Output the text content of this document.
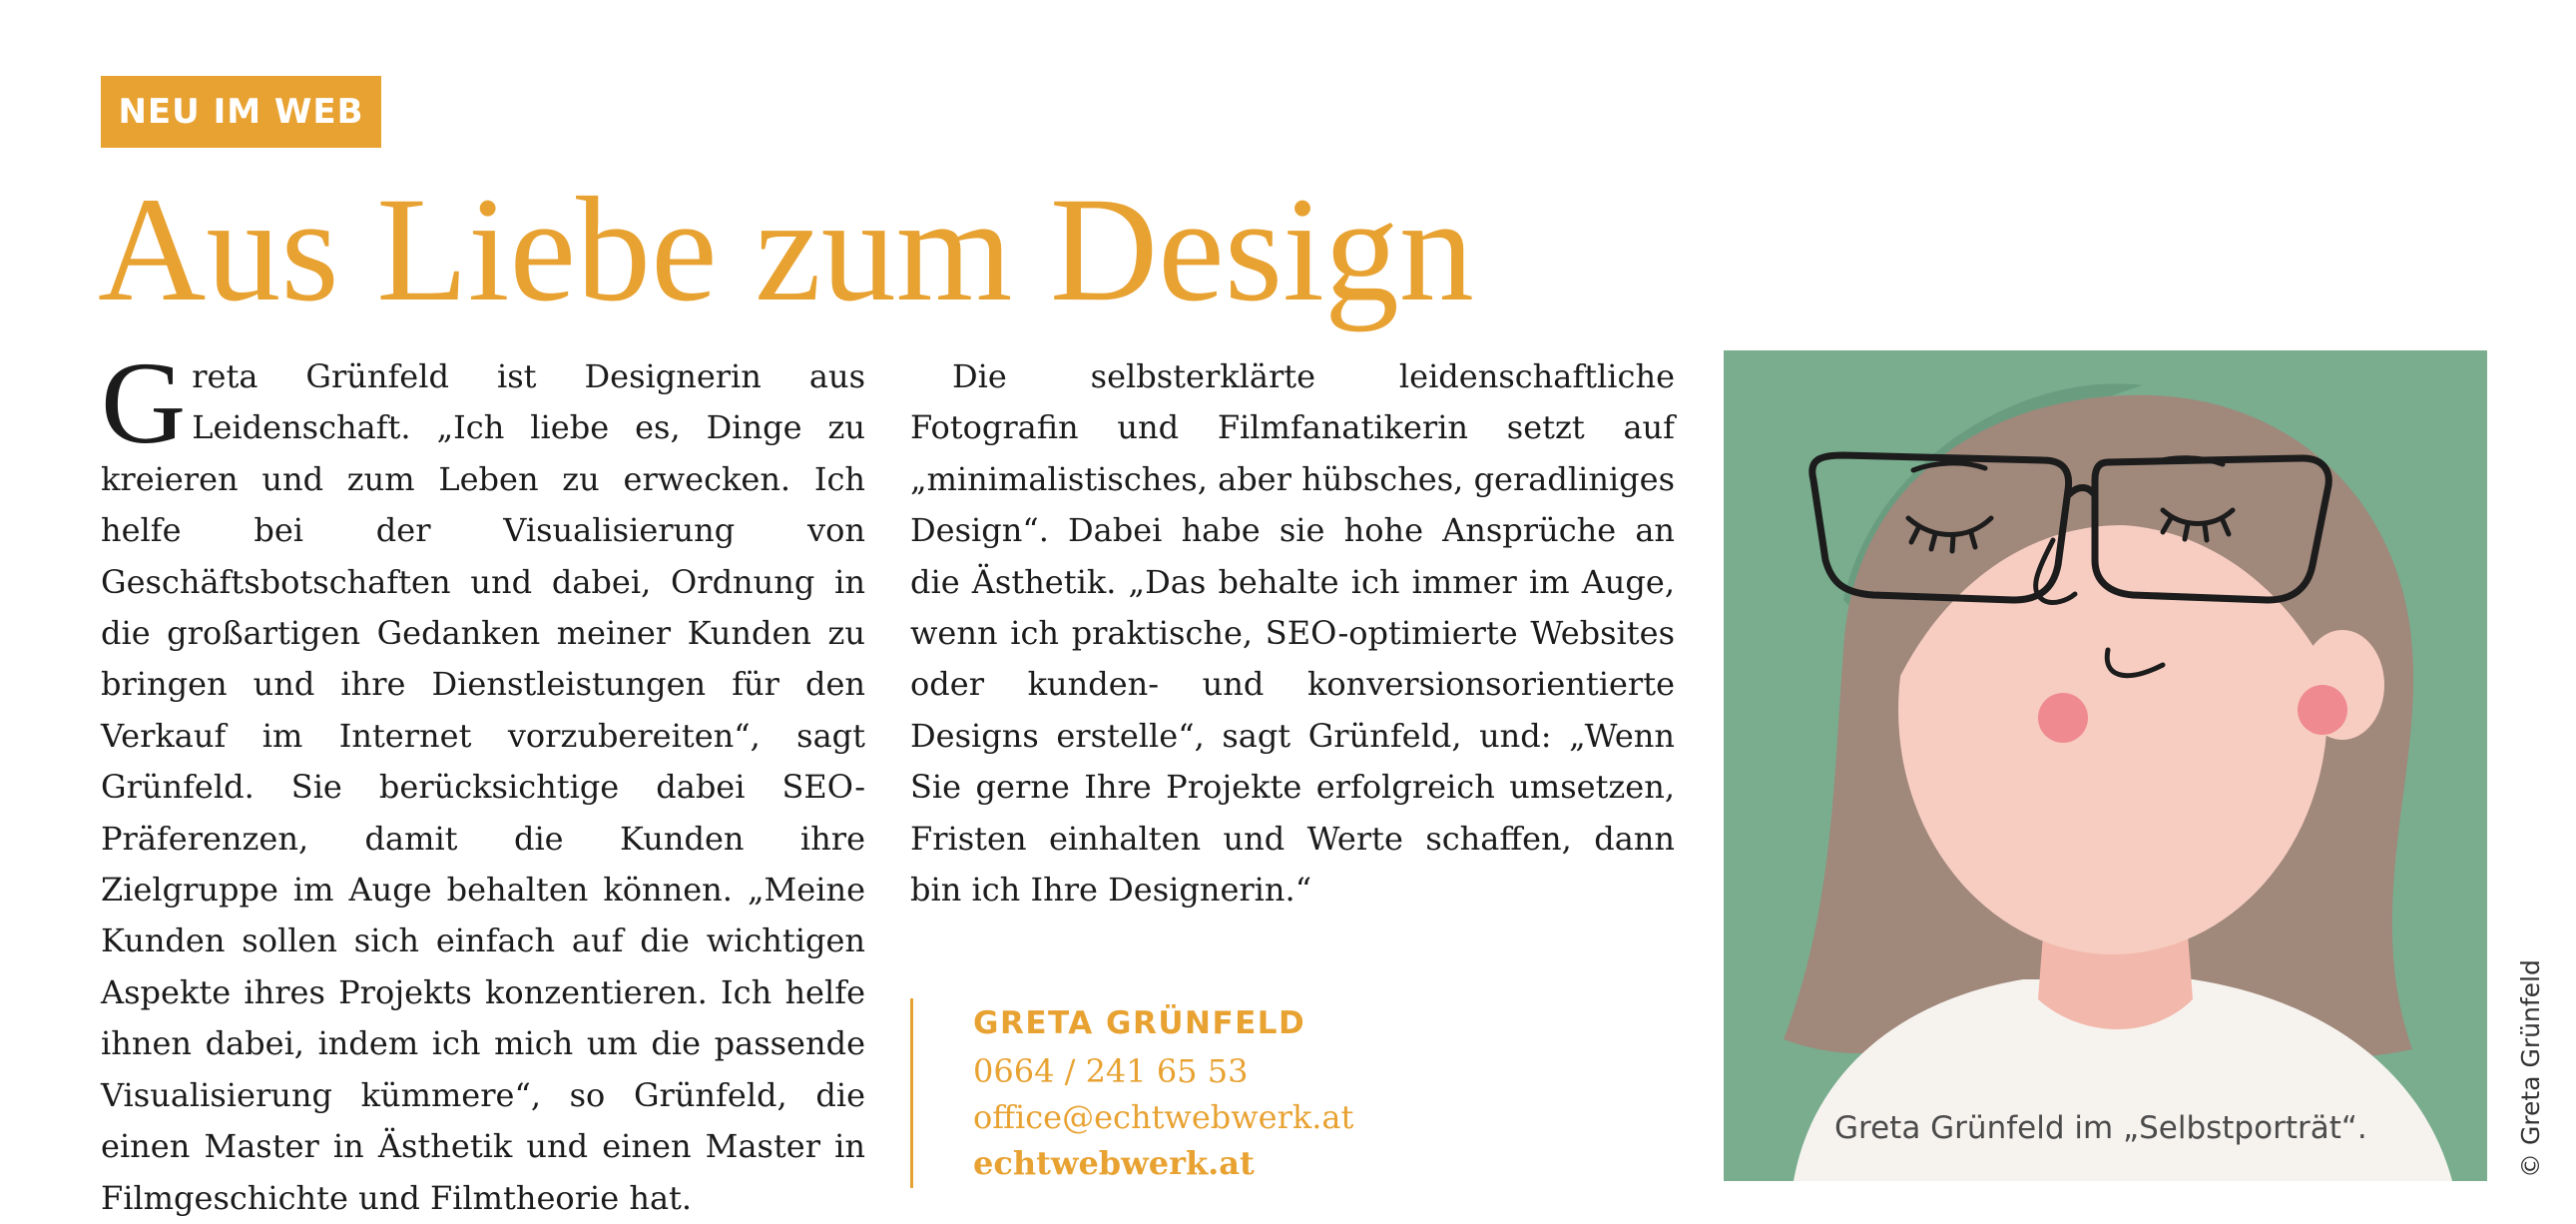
NEU IM WEB
Aus Liebe zum Design

Greta Grünfeld ist Designerin aus Leidenschaft. „Ich liebe es, Dinge zu kreieren und zum Leben zu erwecken. Ich helfe bei der Visualisierung von Geschäftsbotschaften und dabei, Ordnung in die großartigen Gedanken meiner Kunden zu bringen und ihre Dienstleistungen für den Verkauf im Internet vorzubereiten“, sagt Grünfeld. Sie berücksichtige dabei SEO-Präferenzen, damit die Kunden ihre Zielgruppe im Auge behalten können. „Meine Kunden sollen sich einfach auf die wichtigen Aspekte ihres Projekts konzentieren. Ich helfe ihnen dabei, indem ich mich um die passende Visualisierung kümmere“, so Grünfeld, die einen Master in Ästhetik und einen Master in Filmgeschichte und Filmtheorie hat.

Die selbsterklärte leidenschaftliche Fotografin und Filmfanatikerin setzt auf „minimalistisches, aber hübsches, geradliniges Design“. Dabei habe sie hohe Ansprüche an die Ästhetik. „Das behalte ich immer im Auge, wenn ich praktische, SEO-optimierte Websites oder kunden- und konversionsorientierte Designs erstelle“, sagt Grünfeld, und: „Wenn Sie gerne Ihre Projekte erfolgreich umsetzen, Fristen einhalten und Werte schaffen, dann bin ich Ihre Designerin.“

GRETA GRÜNFELD
0664 / 241 65 53
office@echtwebwerk.at
echtwebwerk.at
Greta Grünfeld im „Selbstporträt“.	© Greta Grünfeld
